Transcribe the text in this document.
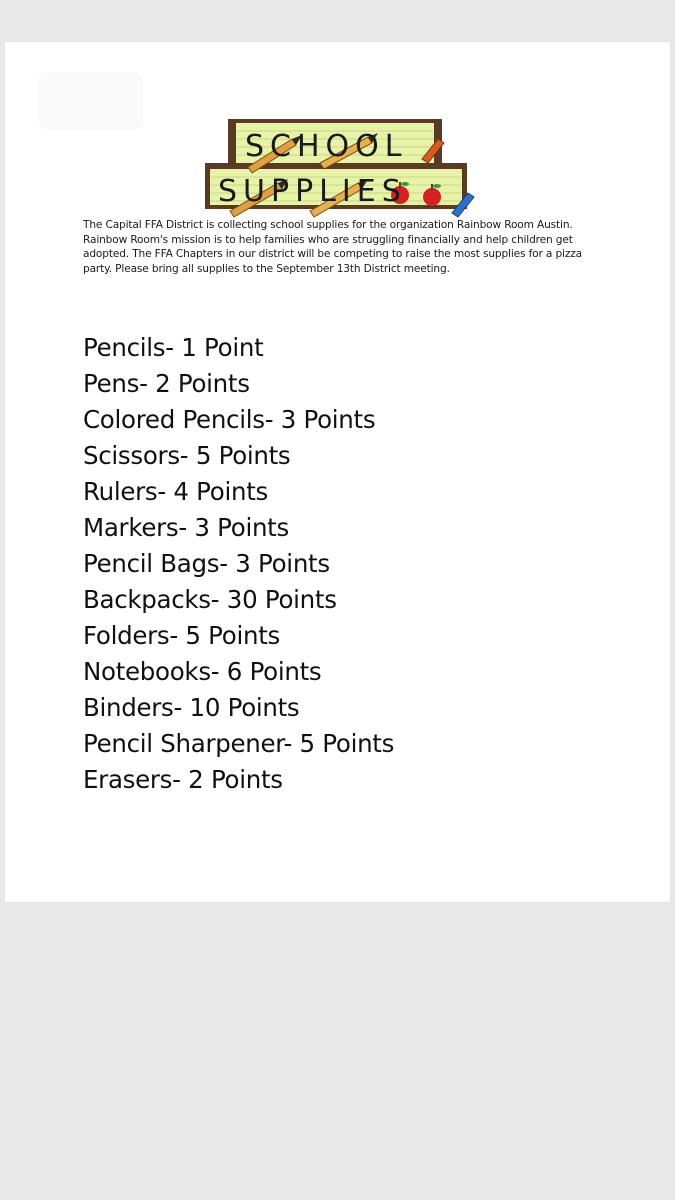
SCHOOL
SUPPLIES

The Capital FFA District is collecting school supplies for the organization Rainbow Room Austin. Rainbow Room's mission is to help families who are struggling financially and help children get adopted. The FFA Chapters in our district will be competing to raise the most supplies for a pizza party. Please bring all supplies to the September 13th District meeting.

Pencils- 1 Point
Pens- 2 Points
Colored Pencils- 3 Points
Scissors- 5 Points
Rulers- 4 Points
Markers- 3 Points
Pencil Bags- 3 Points
Backpacks- 30 Points
Folders- 5 Points
Notebooks- 6 Points
Binders- 10 Points
Pencil Sharpener- 5 Points
Erasers- 2 Points
